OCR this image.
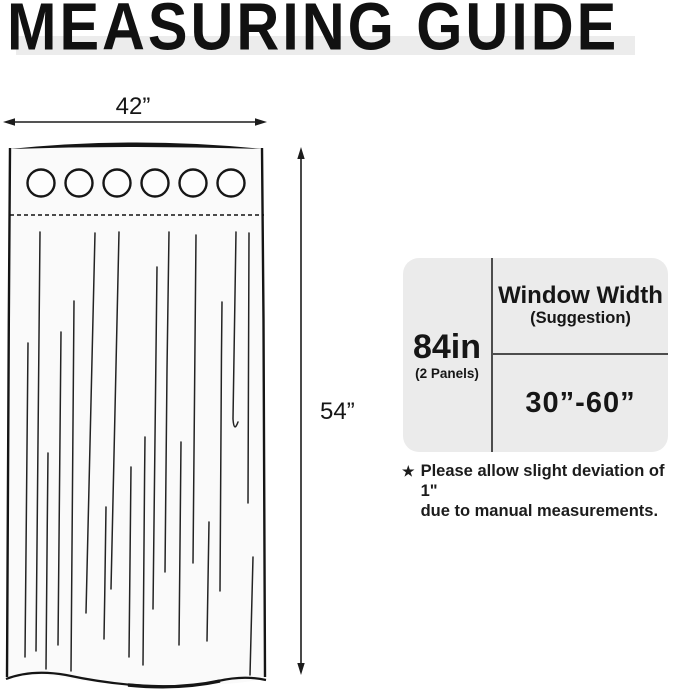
MEASURING GUIDE
42”
54”
84in
(2 Panels)
Window Width
(Suggestion)
30”-60”
★ Please allow slight deviation of 1"
due to manual measurements.
